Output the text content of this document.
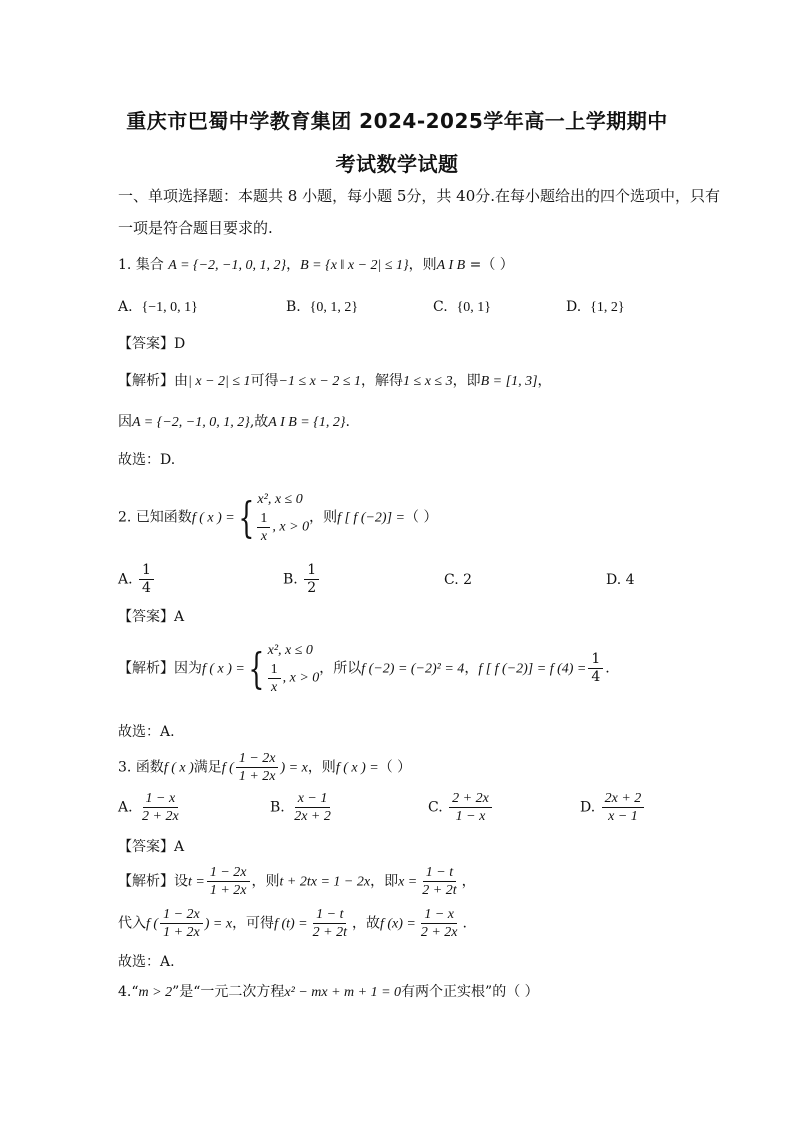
重庆市巴蜀中学教育集团 2024-2025学年高一上学期期中
考试数学试题
一、单项选择题：本题共 8 小题，每小题 5分，共 40分.在每小题给出的四个选项中，只有
一项是符合题目要求的.
1. 集合 A = {−2, −1, 0, 1, 2}，B = {x ‖ x − 2| ≤ 1}，则A I B =（ ）
A. {−1, 0, 1}	B. {0, 1, 2}	C. {0, 1}	D. {1, 2}
【答案】D
【解析】由| x − 2| ≤ 1可得−1 ≤ x − 2 ≤ 1，解得1 ≤ x ≤ 3，即B = [1, 3]，
因A = {−2, −1, 0, 1, 2},故A I B = {1, 2}.
故选：D.
2. 已知函数f ( x ) ={ x², x ≤ 0
$\frac{1}{x}$ , x > 0
，则f [ f (−2)] =（ ）
A. $\frac{1}{4}$	B. $\frac{1}{2}$	C. 2	D. 4
【答案】A
【解析】因为f ( x ) ={ x², x ≤ 0
$\frac{1}{x}$ , x > 0
，所以f (−2) = (−2)² = 4，f [ f (−2)] = f $(4) = \frac{1}{4}$ .
故选：A.
3. 函数f ( x )满足f ( $\frac{1 - 2x}{1 + 2x}$ ) = x，则f ( x ) =（ ）
A. $\frac{1 - x}{2 + 2x}$	B. $\frac{x - 1}{2x + 2}$	C. $\frac{2 + 2x}{1 - x}$	D. $\frac{2x + 2}{x - 1}$
【答案】A
【解析】设$t = \frac{1 - 2x}{1 + 2x}$ ，则t + 2tx = 1 − 2x，即$x = \frac{1 - t}{2 + 2t}$ ，
代入f ( $\frac{1 - 2x}{1 + 2x}$ ) = x，可得f $(t) = \frac{1 - t}{2 + 2t}$ ，故f $(x) = \frac{1 - x}{2 + 2x}$ .
故选：A.
4.“m > 2”是“一元二次方程x² − mx + m + 1 = 0有两个正实根”的（ ）
